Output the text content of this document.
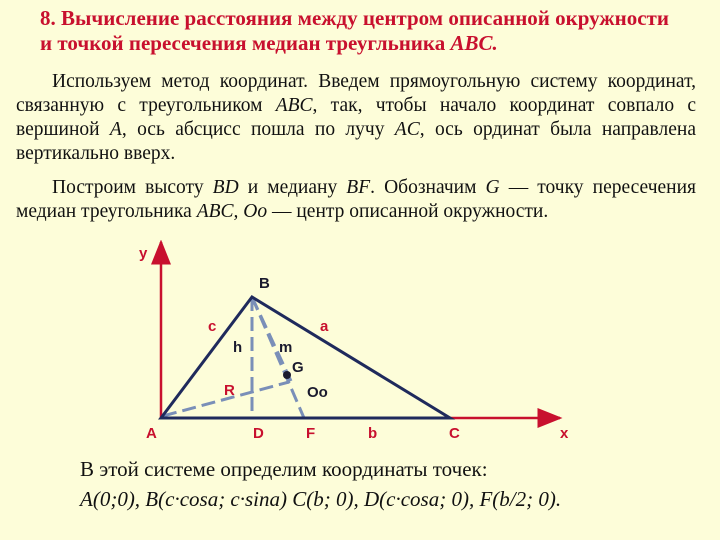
8. Вычисление расстояния между центром описанной окружности
и точкой пересечения медиан треугльника ABC.
Используем метод координат. Введем прямоугольную систему координат, связанную с треугольником ABC, так, чтобы начало координат совпало с вершиной A, ось абсцисс пошла по лучу AC, ось ординат была направлена вертикально вверх.
Построим высоту BD и медиану BF. Обозначим G — точку пересечения медиан треугольника ABC, Oo — центр описанной окружности.
y
x
B
c	a
h m
G
R	Oo
A	D	F	b	C
В этой системе определим координаты точек:
A(0;0), B(c·cosa; c·sina) C(b; 0), D(c·cosa; 0), F(b/2; 0).
